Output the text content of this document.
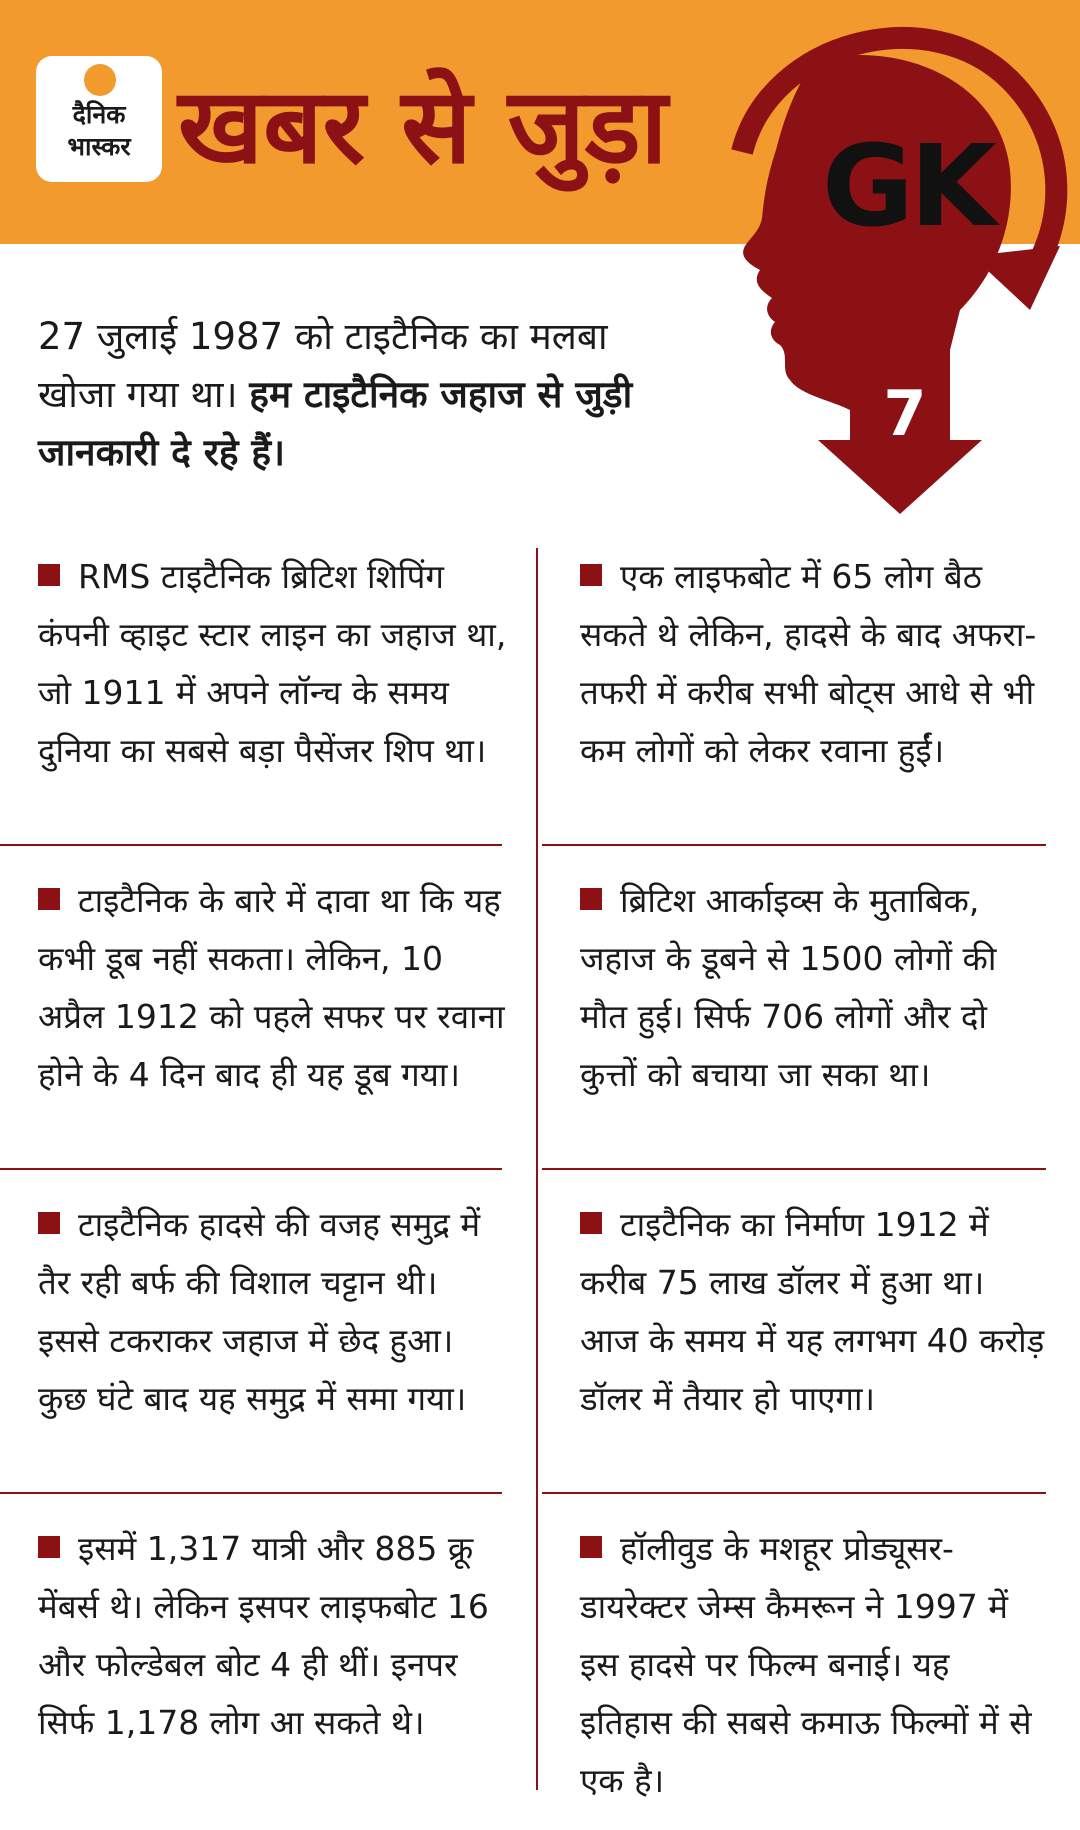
दैनिक
भास्कर खबर से जुड़ा GK
7
27 जुलाई 1987 को टाइटैनिक का मलबा खोजा गया था। हम टाइटैनिक जहाज से जुड़ी जानकारी दे रहे हैं।
RMS टाइटैनिक ब्रिटिश शिपिंग कंपनी व्हाइट स्टार लाइन का जहाज था, जो 1911 में अपने लॉन्च के समय दुनिया का सबसे बड़ा पैसेंजर शिप था।
एक लाइफबोट में 65 लोग बैठ सकते थे लेकिन, हादसे के बाद अफरा-तफरी में करीब सभी बोट्स आधे से भी कम लोगों को लेकर रवाना हुईं।
टाइटैनिक के बारे में दावा था कि यह कभी डूब नहीं सकता। लेकिन, 10 अप्रैल 1912 को पहले सफर पर रवाना होने के 4 दिन बाद ही यह डूब गया।
ब्रिटिश आर्काइव्स के मुताबिक, जहाज के डूबने से 1500 लोगों की मौत हुई। सिर्फ 706 लोगों और दो कुत्तों को बचाया जा सका था।
टाइटैनिक हादसे की वजह समुद्र में तैर रही बर्फ की विशाल चट्टान थी। इससे टकराकर जहाज में छेद हुआ। कुछ घंटे बाद यह समुद्र में समा गया।
टाइटैनिक का निर्माण 1912 में करीब 75 लाख डॉलर में हुआ था। आज के समय में यह लगभग 40 करोड़ डॉलर में तैयार हो पाएगा।
इसमें 1,317 यात्री और 885 क्रू मेंबर्स थे। लेकिन इसपर लाइफबोट 16 और फोल्डेबल बोट 4 ही थीं। इनपर सिर्फ 1,178 लोग आ सकते थे।
हॉलीवुड के मशहूर प्रोड्यूसर-डायरेक्टर जेम्स कैमरून ने 1997 में इस हादसे पर फिल्म बनाई। यह इतिहास की सबसे कमाऊ फिल्मों में से एक है।
